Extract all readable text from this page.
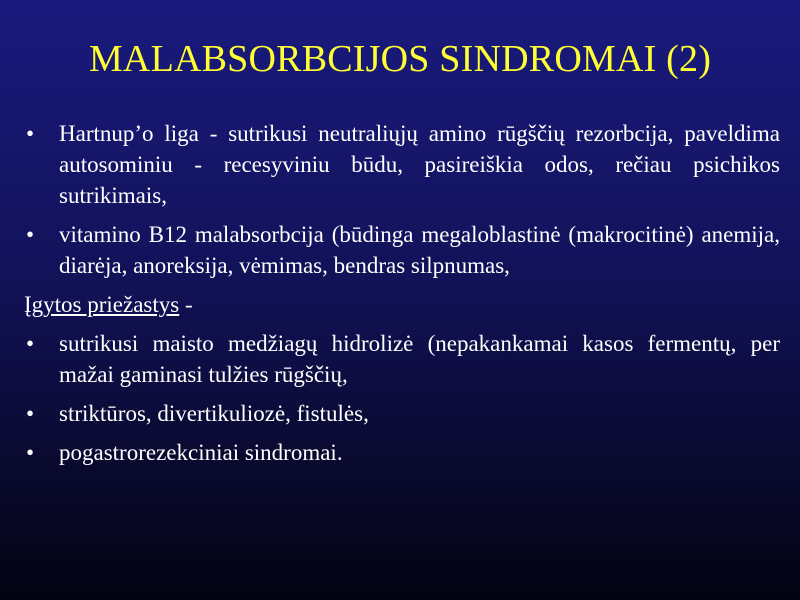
MALABSORBCIJOS SINDROMAI (2)
•	Hartnup’o liga - sutrikusi neutraliųjų amino rūgščių rezorbcija, paveldima autosominiu - recesyviniu būdu, pasireiškia odos, rečiau psichikos sutrikimais,
•	vitamino B12 malabsorbcija (būdinga megaloblastinė (makrocitinė) anemija, diarėja, anoreksija, vėmimas, bendras silpnumas,
Įgytos priežastys -
•	sutrikusi maisto medžiagų hidrolizė (nepakankamai kasos fermentų, per mažai gaminasi tulžies rūgščių,
•	striktūros, divertikuliozė, fistulės,
•	pogastrorezekciniai sindromai.
